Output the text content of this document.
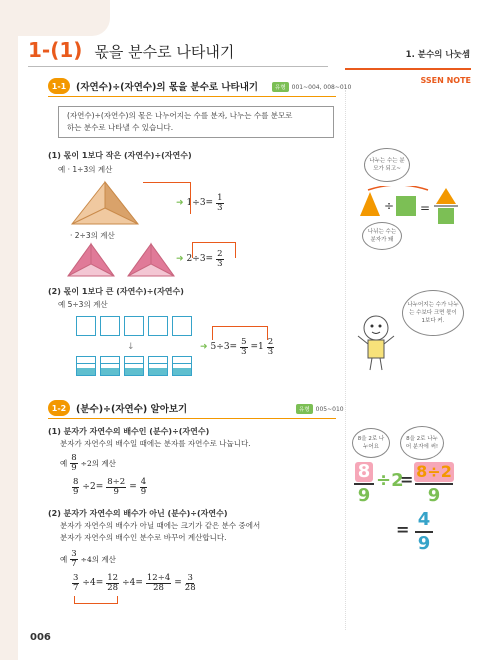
1-(1) 몫을 분수로 나타내기	1. 분수의 나눗셈
SSEN NOTE
1-1	(자연수)÷(자연수)의 몫을 분수로 나타내기	유형	001~004, 008~010
(자연수)÷(자연수)의 몫은 나누어지는 수를 분자, 나누는 수를 분모로
하는 분수로 나타낼 수 있습니다.
(1) 몫이 1보다 작은 (자연수)÷(자연수)
예 · 1÷3의 계산
➜ $1\div 3= \frac{1}{3}$
· 2÷3의 계산
➜ $2\div 3= \frac{2}{3}$
(2) 몫이 1보다 큰 (자연수)÷(자연수)
예 5÷3의 계산
↓	➜ $5\div 3= \frac{5}{3} =1 \frac{2}{3}$
1-2	(분수)÷(자연수) 알아보기	유형	005~010
(1) 분자가 자연수의 배수인 (분수)÷(자연수)
분자가 자연수의 배수일 때에는 분자를 자연수로 나눕니다.
예 $\frac{8}{9} \div 2$의 계산
$\frac{8}{9} \div 2= \frac{8\div 2}{9} = \frac{4}{9}$
(2) 분자가 자연수의 배수가 아닌 (분수)÷(자연수)
분자가 자연수의 배수가 아닐 때에는 크기가 같은 분수 중에서
분자가 자연수의 배수인 분수로 바꾸어 계산합니다.
예 $\frac{3}{7} \div 4$의 계산
$\frac{3}{7} \div 4= \frac{12}{28} \div 4= \frac{12\div 4}{28} = \frac{3}{28}$
006
나누는 수는 분모가 되고~
÷ =
나뉘는 수는 분자가 돼
나누어지는 수가 나누는 수보다 크면 몫이 1보다 커.
8을 2로 나누어요
8을 2로 나누어 분자에 써!
8
9
÷2
= 8÷2
9
= 4
9
